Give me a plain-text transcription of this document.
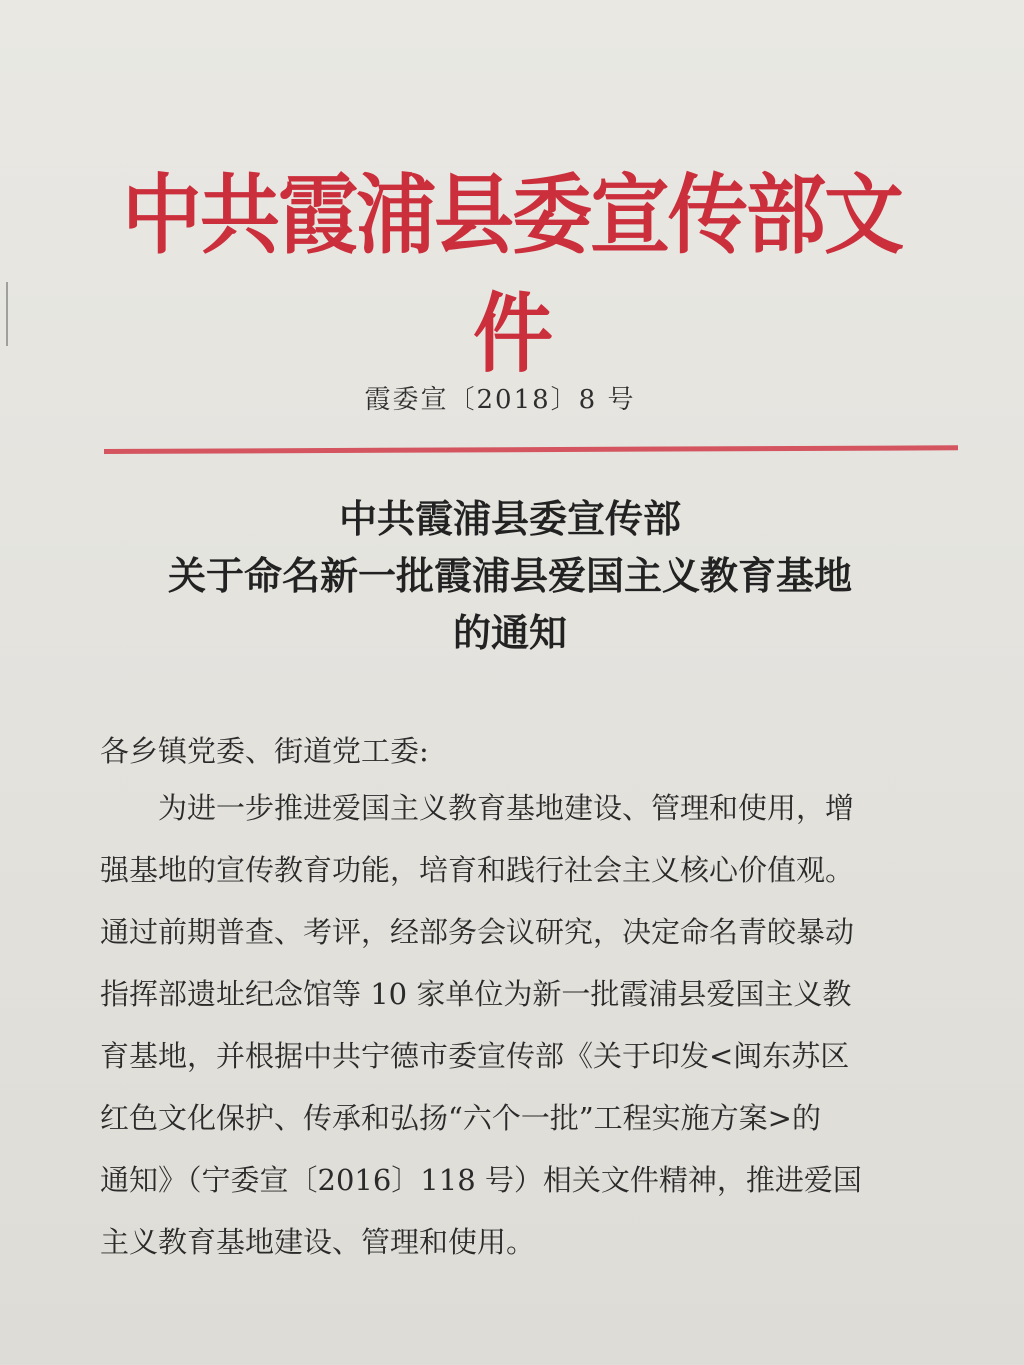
中共霞浦县委宣传部文件
霞委宣〔2018〕8 号
中共霞浦县委宣传部
关于命名新一批霞浦县爱国主义教育基地
的通知
各乡镇党委、街道党工委:
为进一步推进爱国主义教育基地建设、管理和使用，增
强基地的宣传教育功能，培育和践行社会主义核心价值观。
通过前期普查、考评，经部务会议研究，决定命名青皎暴动
指挥部遗址纪念馆等 10 家单位为新一批霞浦县爱国主义教
育基地，并根据中共宁德市委宣传部《关于印发<闽东苏区
红色文化保护、传承和弘扬“六个一批”工程实施方案>的
通知》（宁委宣〔2016〕118 号）相关文件精神，推进爱国
主义教育基地建设、管理和使用。
